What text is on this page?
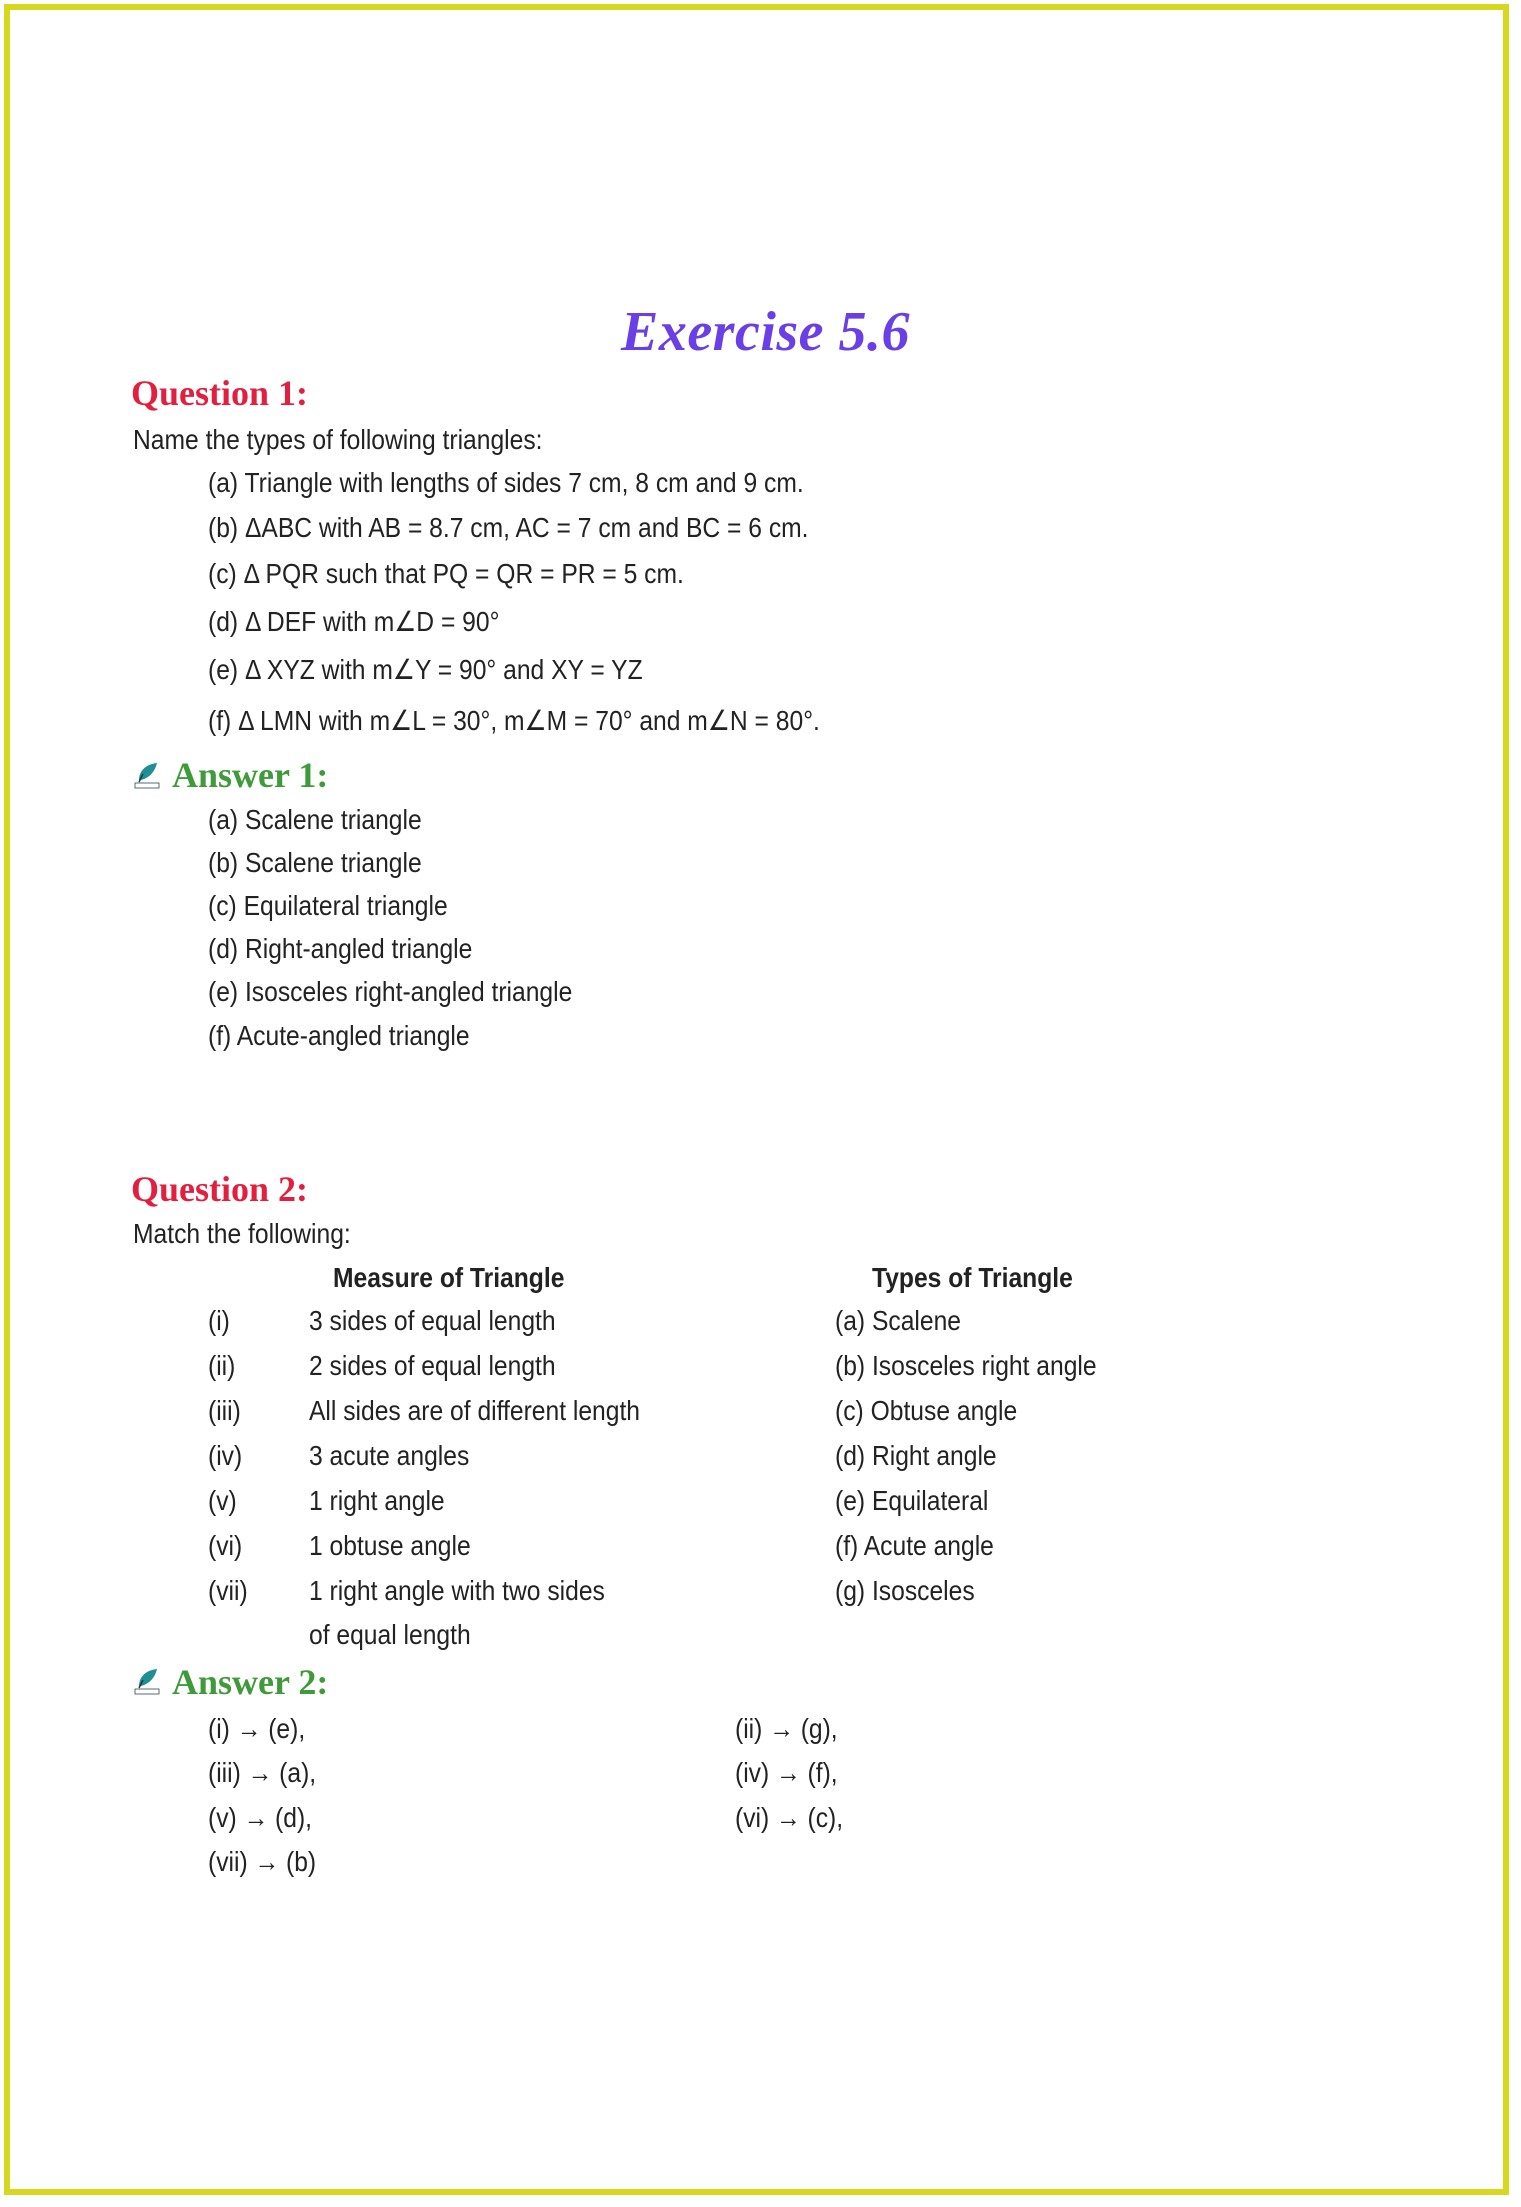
Exercise 5.6
Question 1:
Name the types of following triangles:
(a) Triangle with lengths of sides 7 cm, 8 cm and 9 cm.
(b) ΔABC with AB = 8.7 cm, AC = 7 cm and BC = 6 cm.
(c) Δ PQR such that PQ = QR = PR = 5 cm.
(d) Δ DEF with m∠D = 90°
(e) Δ XYZ with m∠Y = 90° and XY = YZ
(f) Δ LMN with m∠L = 30°, m∠M = 70° and m∠N = 80°.
Answer 1:
(a) Scalene triangle
(b) Scalene triangle
(c) Equilateral triangle
(d) Right-angled triangle
(e) Isosceles right-angled triangle
(f) Acute-angled triangle
Question 2:
Match the following:
Measure of Triangle	Types of Triangle
(i)	3 sides of equal length	(a) Scalene
(ii)	2 sides of equal length	(b) Isosceles right angle
(iii) All sides are of different length	(c) Obtuse angle
(iv) 3 acute angles	(d) Right angle
(v)	1 right angle	(e) Equilateral
(vi) 1 obtuse angle	(f) Acute angle
(vii) 1 right angle with two sides	(g) Isosceles
of equal length
Answer 2:
(i) → (e),	(ii) → (g),
(iii) → (a),	(iv) → (f),
(v) → (d),	(vi) → (c),
(vii) → (b)
